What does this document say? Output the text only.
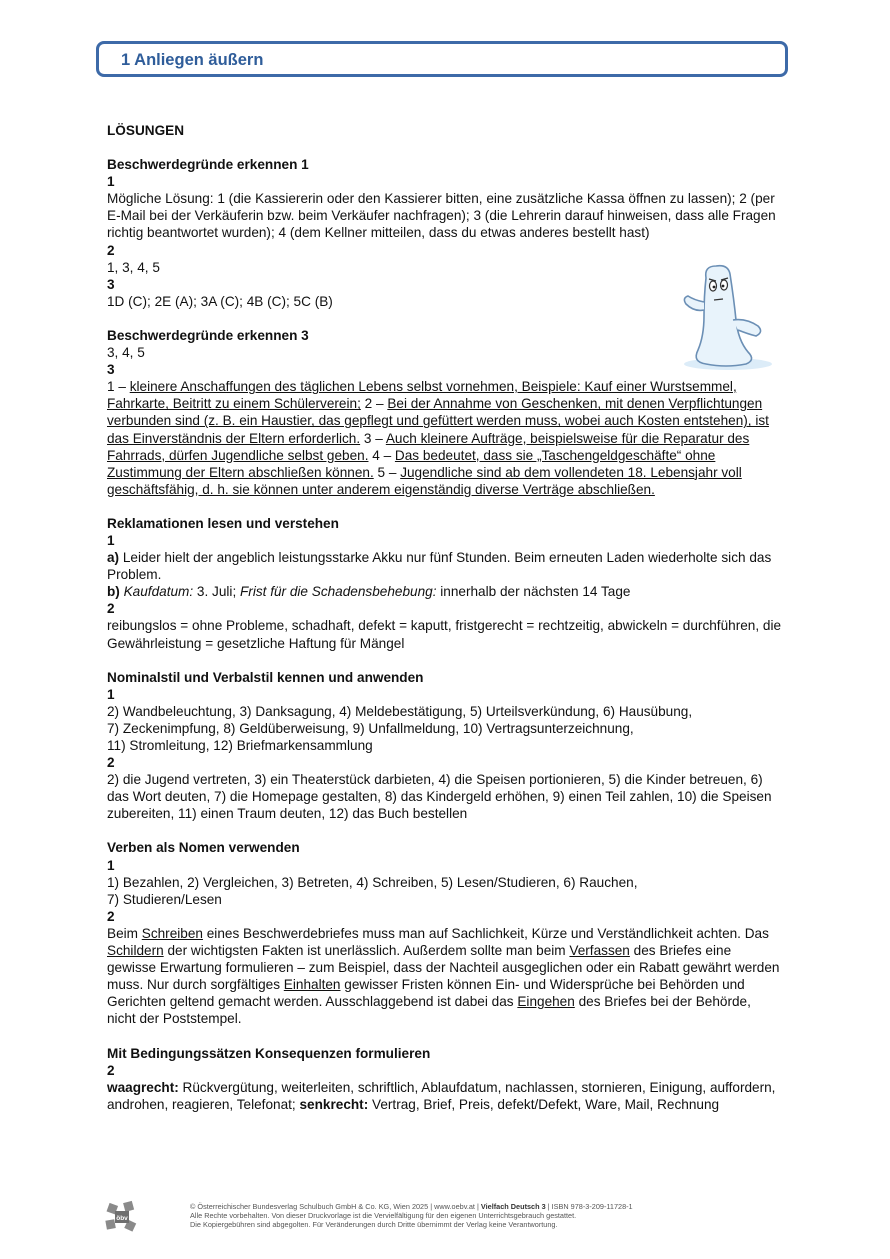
1 Anliegen äußern

LÖSUNGEN

Beschwerdegründe erkennen 1

1

Mögliche Lösung: 1 (die Kassiererin oder den Kassierer bitten, eine zusätzliche Kassa öffnen zu lassen); 2 (per E-Mail bei der Verkäuferin bzw. beim Verkäufer nachfragen); 3 (die Lehrerin darauf hinweisen, dass alle Fragen richtig beantwortet wurden); 4 (dem Kellner mitteilen, dass du etwas anderes bestellt hast)

2

1, 3, 4, 5

3

1D (C); 2E (A); 3A (C); 4B (C); 5C (B)

Beschwerdegründe erkennen 3

3, 4, 5

3

1 – kleinere Anschaffungen des täglichen Lebens selbst vornehmen, Beispiele: Kauf einer Wurstsemmel, Fahrkarte, Beitritt zu einem Schülerverein; 2 – Bei der Annahme von Geschenken, mit denen Verpflichtungen verbunden sind (z. B. ein Haustier, das gepflegt und gefüttert werden muss, wobei auch Kosten entstehen), ist das Einverständnis der Eltern erforderlich. 3 – Auch kleinere Aufträge, beispielsweise für die Reparatur des Fahrrads, dürfen Jugendliche selbst geben. 4 – Das bedeutet, dass sie „Taschengeldgeschäfte“ ohne Zustimmung der Eltern abschließen können. 5 – Jugendliche sind ab dem vollendeten 18. Lebensjahr voll geschäftsfähig, d. h. sie können unter anderem eigenständig diverse Verträge abschließen.

Reklamationen lesen und verstehen

1

a) Leider hielt der angeblich leistungsstarke Akku nur fünf Stunden. Beim erneuten Laden wiederholte sich das Problem.

b) Kaufdatum: 3. Juli; Frist für die Schadensbehebung: innerhalb der nächsten 14 Tage

2

reibungslos = ohne Probleme, schadhaft, defekt = kaputt, fristgerecht = rechtzeitig, abwickeln = durchführen, die Gewährleistung = gesetzliche Haftung für Mängel

Nominalstil und Verbalstil kennen und anwenden

1

2) Wandbeleuchtung, 3) Danksagung, 4) Meldebestätigung, 5) Urteilsverkündung, 6) Hausübung,

7) Zeckenimpfung, 8) Geldüberweisung, 9) Unfallmeldung, 10) Vertragsunterzeichnung,

11) Stromleitung, 12) Briefmarkensammlung

2

2) die Jugend vertreten, 3) ein Theaterstück darbieten, 4) die Speisen portionieren, 5) die Kinder betreuen, 6) das Wort deuten, 7) die Homepage gestalten, 8) das Kindergeld erhöhen, 9) einen Teil zahlen, 10) die Speisen zubereiten, 11) einen Traum deuten, 12) das Buch bestellen

Verben als Nomen verwenden

1

1) Bezahlen, 2) Vergleichen, 3) Betreten, 4) Schreiben, 5) Lesen/Studieren, 6) Rauchen,

7) Studieren/Lesen

2

Beim Schreiben eines Beschwerdebriefes muss man auf Sachlichkeit, Kürze und Verständlichkeit achten. Das Schildern der wichtigsten Fakten ist unerlässlich. Außerdem sollte man beim Verfassen des Briefes eine gewisse Erwartung formulieren – zum Beispiel, dass der Nachteil ausgeglichen oder ein Rabatt gewährt werden muss. Nur durch sorgfältiges Einhalten gewisser Fristen können Ein- und Widersprüche bei Behörden und Gerichten geltend gemacht werden. Ausschlaggebend ist dabei das Eingehen des Briefes bei der Behörde, nicht der Poststempel.

Mit Bedingungssätzen Konsequenzen formulieren

2

waagrecht: Rückvergütung, weiterleiten, schriftlich, Ablaufdatum, nachlassen, stornieren, Einigung, auffordern, androhen, reagieren, Telefonat; senkrecht: Vertrag, Brief, Preis, defekt/Defekt, Ware, Mail, Rechnung

öbv
© Österreichischer Bundesverlag Schulbuch GmbH & Co. KG, Wien 2025 | www.oebv.at | Vielfach Deutsch 3 | ISBN 978-3-209-11728-1
Alle Rechte vorbehalten. Von dieser Druckvorlage ist die Vervielfältigung für den eigenen Unterrichtsgebrauch gestattet.
Die Kopiergebühren sind abgegolten. Für Veränderungen durch Dritte übernimmt der Verlag keine Verantwortung.
